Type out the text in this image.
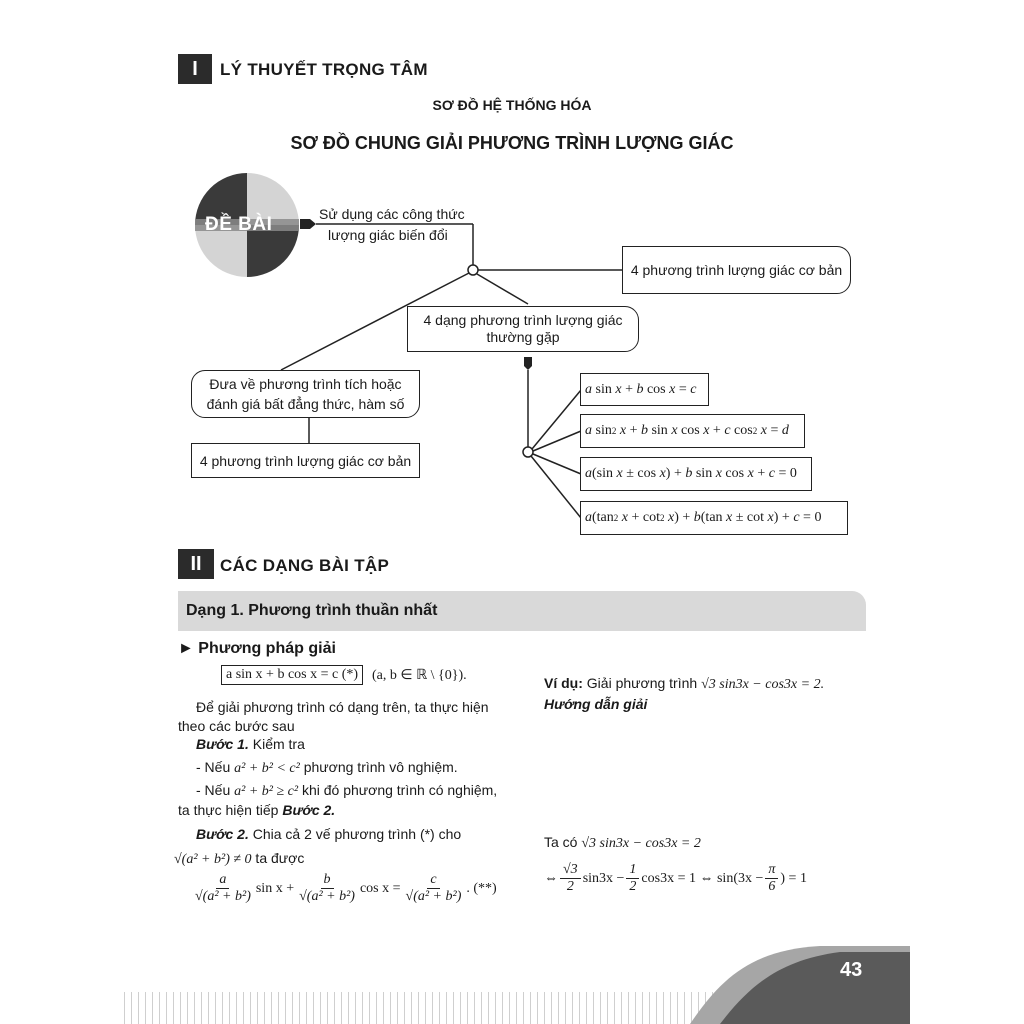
I	LÝ THUYẾT TRỌNG TÂM
SƠ ĐỒ HỆ THỐNG HÓA
SƠ ĐỒ CHUNG GIẢI PHƯƠNG TRÌNH LƯỢNG GIÁC
ĐỀ BÀI	Sử dụng các công thức
lượng giác biến đổi
4 phương trình lượng giác cơ bản
4 dạng phương trình lượng giác
thường gặp
Đưa về phương trình tích hoặc
đánh giá bất đẳng thức, hàm số
4 phương trình lượng giác cơ bản
a sin x + b cos x = c
a sin 2
x + b sin x cos x + c cos 2
x = d
a (sin x ± cos x ) + b sin x cos x + c = 0
a (tan 2
x + cot 2
x ) + b (tan x ± cot x ) + c = 0
II	CÁC DẠNG BÀI TẬP
Dạng 1. Phương trình thuần nhất
► Phương pháp giải
a sin x + b cos x = c (*) (a, b ∈ ℝ \ {0}).
Để giải phương trình có dạng trên, ta thực hiện
theo các bước sau
Bước 1. Kiểm tra
- Nếu a² + b² < c² phương trình vô nghiệm.
- Nếu a² + b² ≥ c² khi đó phương trình có nghiệm,
ta thực hiện tiếp Bước 2.
Bước 2. Chia cả 2 vế phương trình (*) cho
√(a² + b²) ≠ 0 ta được
$\frac{a}{\text{√(a² + b²)}}$ $\sin x + \frac{b}{\text{√(a² + b²)}}$ $\cos x = \frac{c}{\text{√(a² + b²)}}$ . (**)
Ví dụ: Giải phương trình √3 sin3x − cos3x = 2.
Hướng dẫn giải
Ta có √3 sin3x − cos3x = 2
⇔ $\frac{√3}{2} \sin 3x - \frac{1}{2} \cos 3x = 1$ ⇔ $\sin(3x - \frac{\pi}{6}$ ) = 1
43
